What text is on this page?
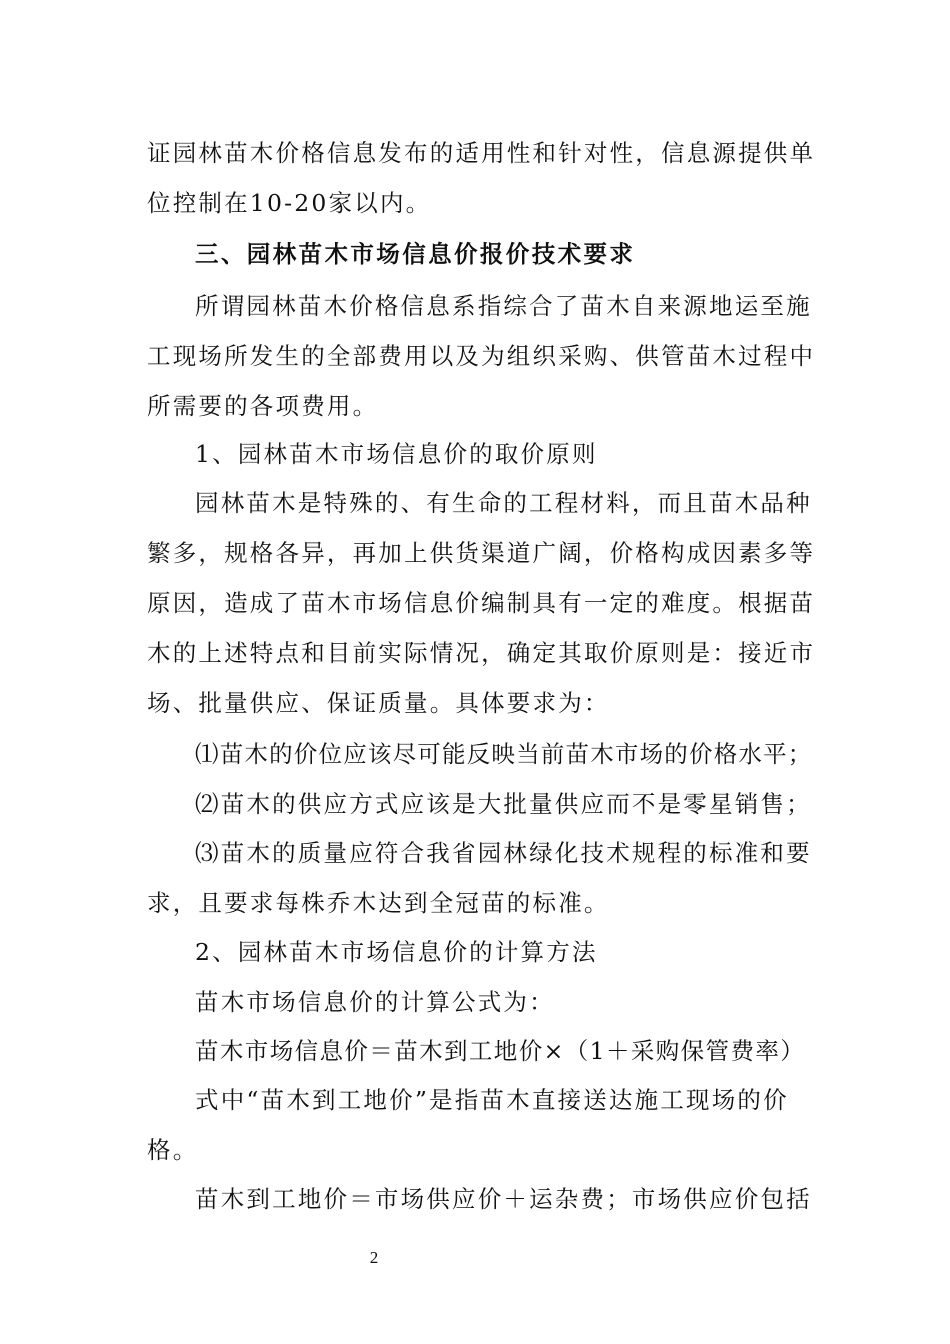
证园林苗木价格信息发布的适用性和针对性，信息源提供单位控制在10-20家以内。

三、园林苗木市场信息价报价技术要求

所谓园林苗木价格信息系指综合了苗木自来源地运至施工现场所发生的全部费用以及为组织采购、供管苗木过程中所需要的各项费用。

1、园林苗木市场信息价的取价原则

园林苗木是特殊的、有生命的工程材料，而且苗木品种繁多，规格各异，再加上供货渠道广阔，价格构成因素多等原因，造成了苗木市场信息价编制具有一定的难度。根据苗木的上述特点和目前实际情况，确定其取价原则是：接近市场、批量供应、保证质量。具体要求为：

⑴苗木的价位应该尽可能反映当前苗木市场的价格水平；

⑵苗木的供应方式应该是大批量供应而不是零星销售；

⑶苗木的质量应符合我省园林绿化技术规程的标准和要求，且要求每株乔木达到全冠苗的标准。

2、园林苗木市场信息价的计算方法

苗木市场信息价的计算公式为：

苗木市场信息价＝苗木到工地价×（1＋采购保管费率）

式中“苗木到工地价”是指苗木直接送达施工现场的价格。

苗木到工地价＝市场供应价＋运杂费；市场供应价包括

2
